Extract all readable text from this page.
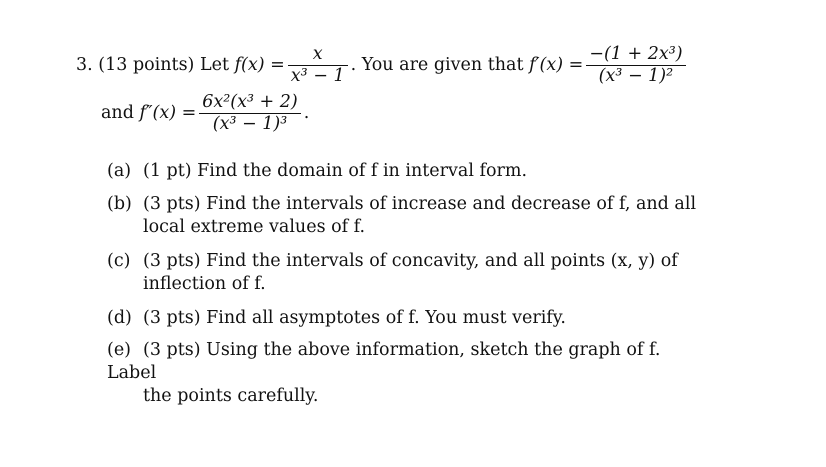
3. (13 points) Let $f(x) = \frac{x}{\text{x³ − 1}}$ . You are given that $f'(x) = \frac{\text{−(1 + 2x³)}}{\text{(x³ − 1)²}}$
and $f''(x) = \frac{\text{6x²(x³ + 2)}}{\text{(x³ − 1)³}}$ .
(a) (1 pt) Find the domain of f in interval form.
(b) (3 pts) Find the intervals of increase and decrease of f, and all
local extreme values of f.
(c) (3 pts) Find the intervals of concavity, and all points (x, y) of
inflection of f.
(d) (3 pts) Find all asymptotes of f. You must verify.
(e) (3 pts) Using the above information, sketch the graph of f. Label
the points carefully.
